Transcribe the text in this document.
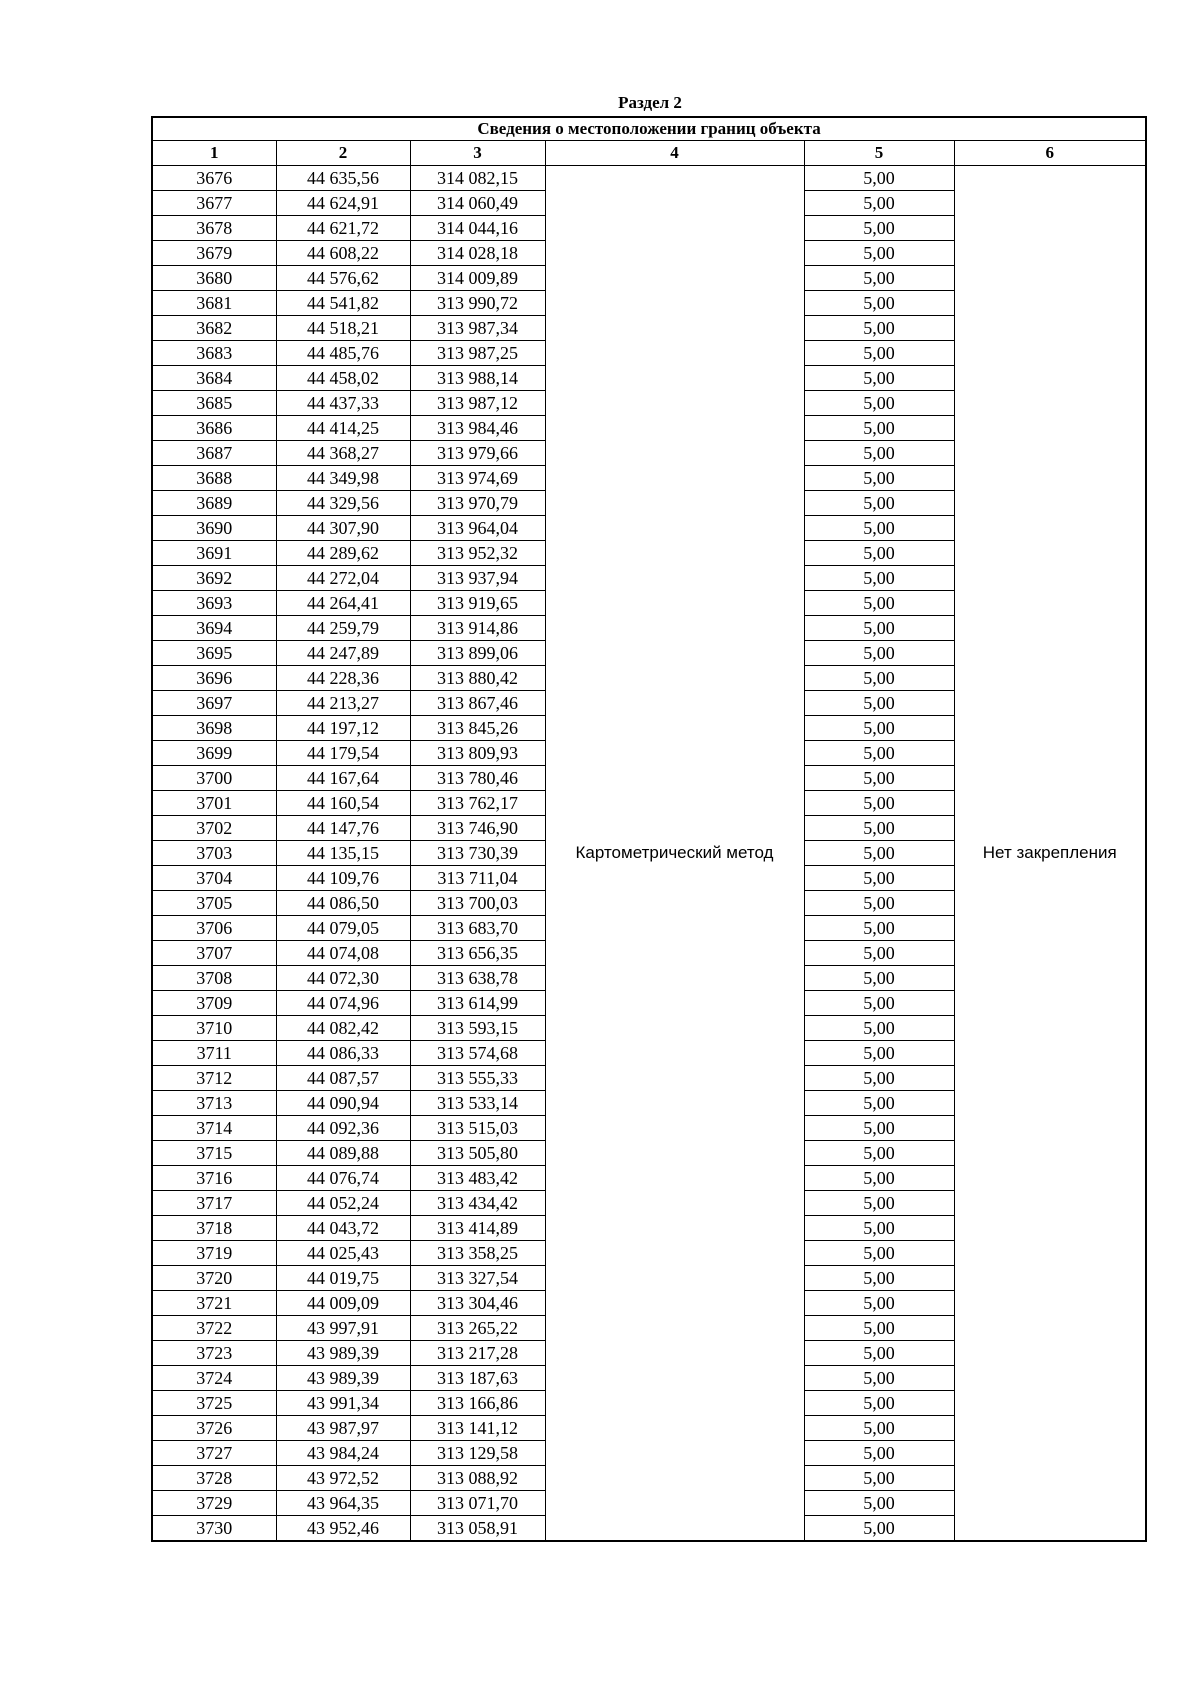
Раздел 2
Сведения о местоположении границ объекта					
1	2	3	4	5	6
3676	44 635,56	314 082,15	Картометрический метод	5,00	Нет закрепления
3677	44 624,91	314 060,49		5,00	
3678	44 621,72	314 044,16		5,00	
3679	44 608,22	314 028,18		5,00	
3680	44 576,62	314 009,89		5,00	
3681	44 541,82	313 990,72		5,00	
3682	44 518,21	313 987,34		5,00	
3683	44 485,76	313 987,25		5,00	
3684	44 458,02	313 988,14		5,00	
3685	44 437,33	313 987,12		5,00	
3686	44 414,25	313 984,46		5,00	
3687	44 368,27	313 979,66		5,00	
3688	44 349,98	313 974,69		5,00	
3689	44 329,56	313 970,79		5,00	
3690	44 307,90	313 964,04		5,00	
3691	44 289,62	313 952,32		5,00	
3692	44 272,04	313 937,94		5,00	
3693	44 264,41	313 919,65		5,00	
3694	44 259,79	313 914,86		5,00	
3695	44 247,89	313 899,06		5,00	
3696	44 228,36	313 880,42		5,00	
3697	44 213,27	313 867,46		5,00	
3698	44 197,12	313 845,26		5,00	
3699	44 179,54	313 809,93		5,00	
3700	44 167,64	313 780,46		5,00	
3701	44 160,54	313 762,17		5,00	
3702	44 147,76	313 746,90		5,00	
3703	44 135,15	313 730,39		5,00	
3704	44 109,76	313 711,04		5,00	
3705	44 086,50	313 700,03		5,00	
3706	44 079,05	313 683,70		5,00	
3707	44 074,08	313 656,35		5,00	
3708	44 072,30	313 638,78		5,00	
3709	44 074,96	313 614,99		5,00	
3710	44 082,42	313 593,15		5,00	
3711	44 086,33	313 574,68		5,00	
3712	44 087,57	313 555,33		5,00	
3713	44 090,94	313 533,14		5,00	
3714	44 092,36	313 515,03		5,00	
3715	44 089,88	313 505,80		5,00	
3716	44 076,74	313 483,42		5,00	
3717	44 052,24	313 434,42		5,00	
3718	44 043,72	313 414,89		5,00	
3719	44 025,43	313 358,25		5,00	
3720	44 019,75	313 327,54		5,00	
3721	44 009,09	313 304,46		5,00	
3722	43 997,91	313 265,22		5,00	
3723	43 989,39	313 217,28		5,00	
3724	43 989,39	313 187,63		5,00	
3725	43 991,34	313 166,86		5,00	
3726	43 987,97	313 141,12		5,00	
3727	43 984,24	313 129,58		5,00	
3728	43 972,52	313 088,92		5,00	
3729	43 964,35	313 071,70		5,00	
3730	43 952,46	313 058,91		5,00	
